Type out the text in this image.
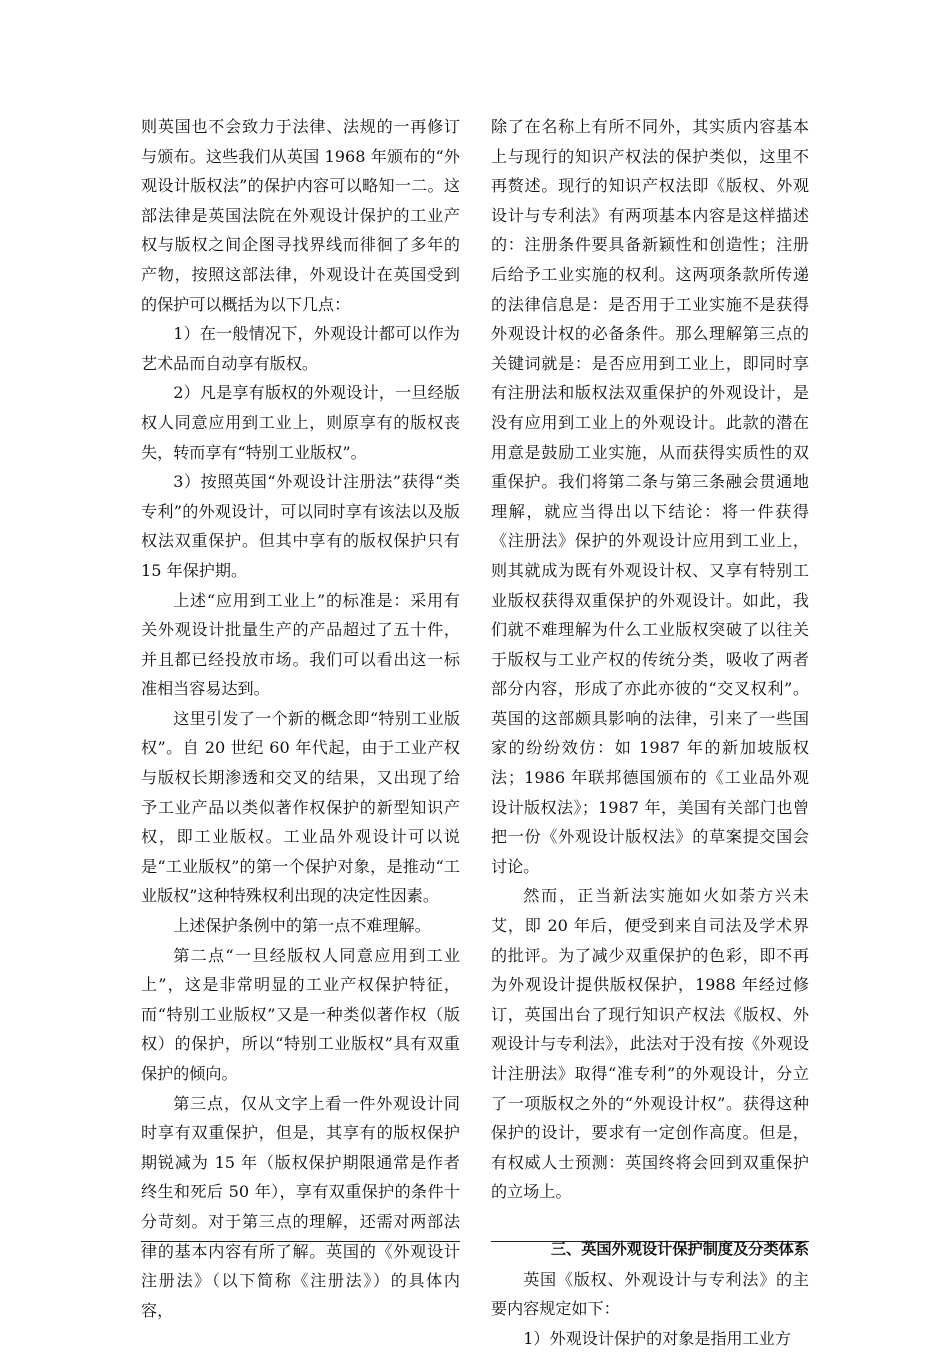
则英国也不会致力于法律、法规的一再修订与颁布。这些我们从英国 1968 年颁布的“外观设计版权法”的保护内容可以略知一二。这部法律是英国法院在外观设计保护的工业产权与版权之间企图寻找界线而徘徊了多年的产物，按照这部法律，外观设计在英国受到的保护可以概括为以下几点：

1）在一般情况下，外观设计都可以作为艺术品而自动享有版权。

2）凡是享有版权的外观设计，一旦经版权人同意应用到工业上，则原享有的版权丧失，转而享有“特别工业版权”。

3）按照英国“外观设计注册法”获得“类专利”的外观设计，可以同时享有该法以及版权法双重保护。但其中享有的版权保护只有 15 年保护期。

上述“应用到工业上”的标准是：采用有关外观设计批量生产的产品超过了五十件，并且都已经投放市场。我们可以看出这一标准相当容易达到。

这里引发了一个新的概念即“特别工业版权”。自 20 世纪 60 年代起，由于工业产权与版权长期渗透和交叉的结果，又出现了给予工业产品以类似著作权保护的新型知识产权，即工业版权。工业品外观设计可以说是“工业版权”的第一个保护对象，是推动“工业版权”这种特殊权利出现的决定性因素。

上述保护条例中的第一点不难理解。

第二点“一旦经版权人同意应用到工业上”，这是非常明显的工业产权保护特征，而“特别工业版权”又是一种类似著作权（版权）的保护，所以“特别工业版权”具有双重保护的倾向。

第三点，仅从文字上看一件外观设计同时享有双重保护，但是，其享有的版权保护期锐减为 15 年（版权保护期限通常是作者终生和死后 50 年），享有双重保护的条件十分苛刻。对于第三点的理解，还需对两部法律的基本内容有所了解。英国的《外观设计注册法》（以下简称《注册法》）的具体内容，

除了在名称上有所不同外，其实质内容基本上与现行的知识产权法的保护类似，这里不再赘述。现行的知识产权法即《版权、外观设计与专利法》有两项基本内容是这样描述的：注册条件要具备新颖性和创造性；注册后给予工业实施的权利。这两项条款所传递的法律信息是：是否用于工业实施不是获得外观设计权的必备条件。那么理解第三点的关键词就是：是否应用到工业上，即同时享有注册法和版权法双重保护的外观设计，是没有应用到工业上的外观设计。此款的潜在用意是鼓励工业实施，从而获得实质性的双重保护。我们将第二条与第三条融会贯通地理解，就应当得出以下结论：将一件获得《注册法》保护的外观设计应用到工业上，则其就成为既有外观设计权、又享有特别工业版权获得双重保护的外观设计。如此，我们就不难理解为什么工业版权突破了以往关于版权与工业产权的传统分类，吸收了两者部分内容，形成了亦此亦彼的“交叉权利”。英国的这部颇具影响的法律，引来了一些国家的纷纷效仿：如 1987 年的新加坡版权法；1986 年联邦德国颁布的《工业品外观设计版权法》；1987 年，美国有关部门也曾把一份《外观设计版权法》的草案提交国会讨论。

然而，正当新法实施如火如荼方兴未艾，即 20 年后，便受到来自司法及学术界的批评。为了减少双重保护的色彩，即不再为外观设计提供版权保护，1988 年经过修订，英国出台了现行知识产权法《版权、外观设计与专利法》，此法对于没有按《外观设计注册法》取得“准专利”的外观设计，分立了一项版权之外的“外观设计权”。获得这种保护的设计，要求有一定创作高度。但是，有权威人士预测：英国终将会回到双重保护的立场上。

三、英国外观设计保护制度及分类体系

英国《版权、外观设计与专利法》的主要内容规定如下：

1）外观设计保护的对象是指用工业方
